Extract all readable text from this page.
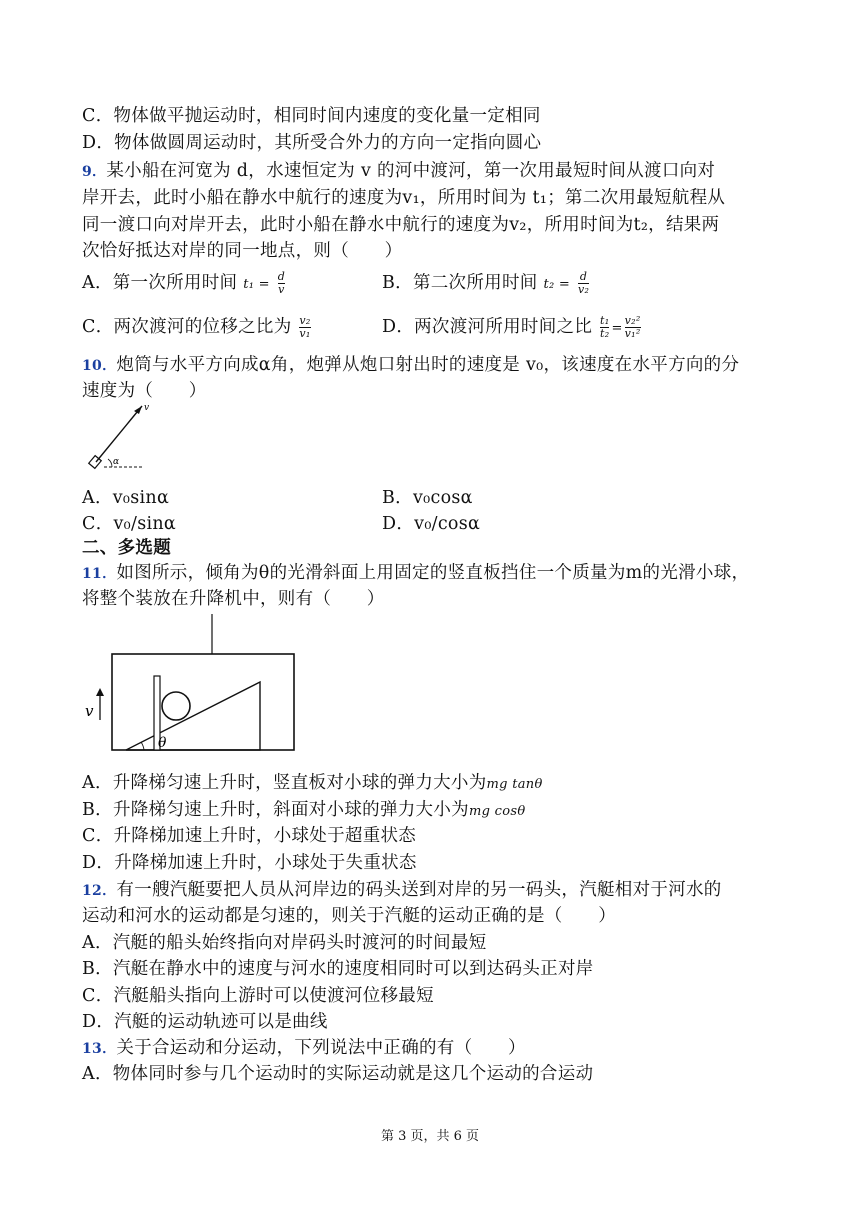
C．物体做平抛运动时，相同时间内速度的变化量一定相同
D．物体做圆周运动时，其所受合外力的方向一定指向圆心
9．某小船在河宽为 d，水速恒定为 v 的河中渡河，第一次用最短时间从渡口向对
岸开去，此时小船在静水中航行的速度为v₁，所用时间为 t₁；第二次用最短航程从
同一渡口向对岸开去，此时小船在静水中航行的速度为v₂，所用时间为t₂，结果两
次恰好抵达对岸的同一地点，则（　　）
A．第一次所用时间 $t_1 = \frac{d}{v}$	B．第二次所用时间 $t_2 = \frac{d}{\text{v₂}}$
C．两次渡河的位移之比为 $\frac{\text{v₂}}{\text{v₁}}$	D．两次渡河所用时间之比 $\frac{\text{t₁}}{\text{t₂}} = \frac{\text{v₂²}}{\text{v₁²}}$
10．炮筒与水平方向成α角，炮弹从炮口射出时的速度是 v₀，该速度在水平方向的分
速度为（　　）
v
α
A．v₀sinα	B．v₀cosα
C．v₀/sinα	D．v₀/cosα
二、多选题
11．如图所示，倾角为θ的光滑斜面上用固定的竖直板挡住一个质量为m的光滑小球，
将整个装放在升降机中，则有（　　）
θ
v
A．升降梯匀速上升时，竖直板对小球的弹力大小为mg tanθ
B．升降梯匀速上升时，斜面对小球的弹力大小为mg cosθ
C．升降梯加速上升时，小球处于超重状态
D．升降梯加速上升时，小球处于失重状态
12．有一艘汽艇要把人员从河岸边的码头送到对岸的另一码头，汽艇相对于河水的
运动和河水的运动都是匀速的，则关于汽艇的运动正确的是（　　）
A．汽艇的船头始终指向对岸码头时渡河的时间最短
B．汽艇在静水中的速度与河水的速度相同时可以到达码头正对岸
C．汽艇船头指向上游时可以使渡河位移最短
D．汽艇的运动轨迹可以是曲线
13．关于合运动和分运动，下列说法中正确的有（　　）
A．物体同时参与几个运动时的实际运动就是这几个运动的合运动
第 3 页，共 6 页
